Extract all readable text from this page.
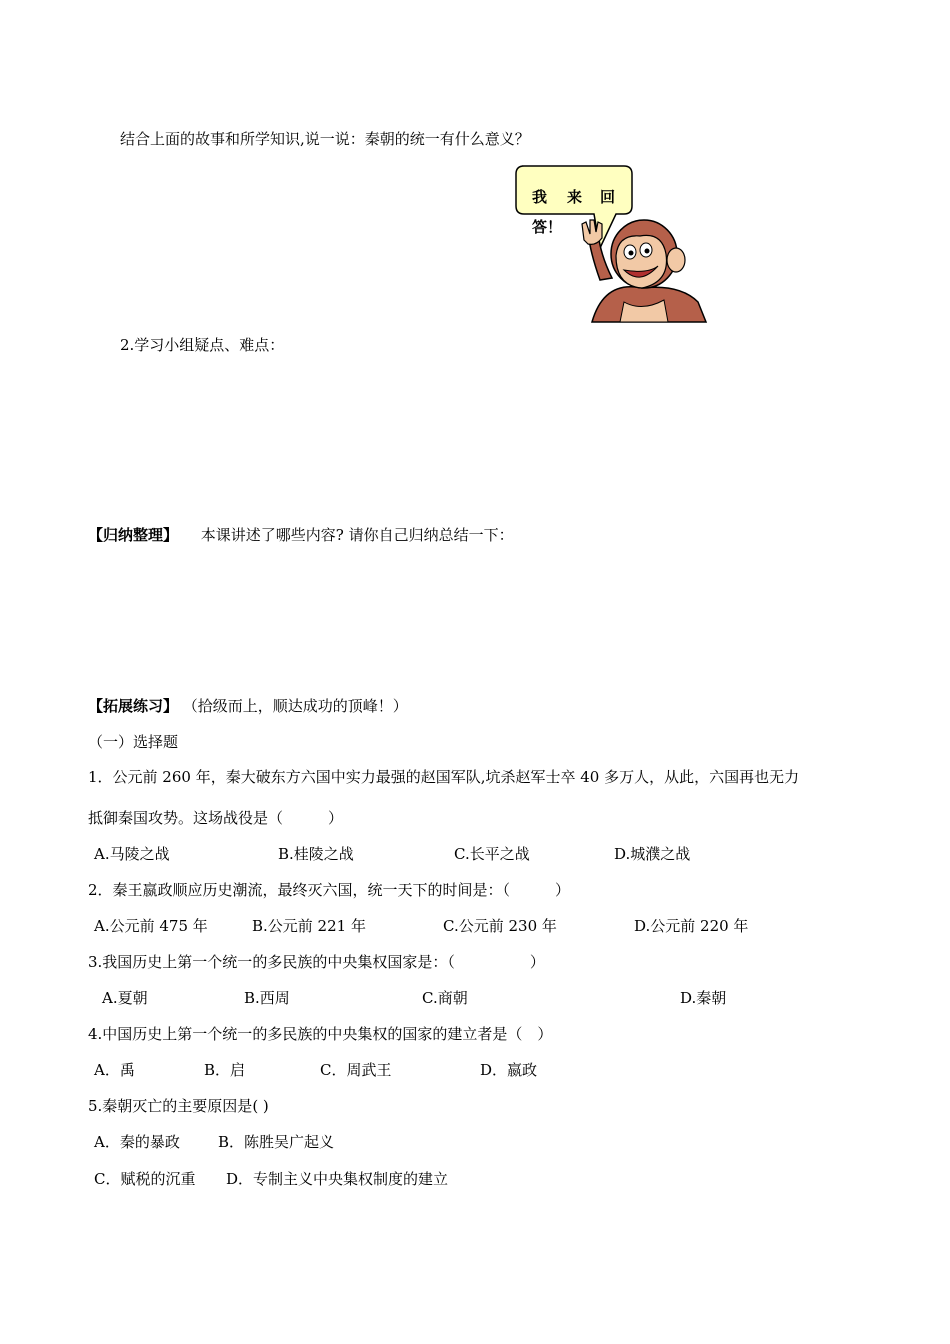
结合上面的故事和所学知识,说一说：秦朝的统一有什么意义？
我 来 回
答！
2.学习小组疑点、难点：
【归纳整理】 本课讲述了哪些内容? 请你自己归纳总结一下：
【拓展练习】 （拾级而上，顺达成功的顶峰！）
（一）选择题
1．公元前 260 年，秦大破东方六国中实力最强的赵国军队,坑杀赵军士卒 40 多万人，从此，六国再也无力
抵御秦国攻势。这场战役是（　　　）
A.马陵之战	B.桂陵之战	C.长平之战	D.城濮之战
2．秦王嬴政顺应历史潮流，最终灭六国，统一天下的时间是：（　　　）
A.公元前 475 年	B.公元前 221 年	C.公元前 230 年	D.公元前 220 年
3.我国历史上第一个统一的多民族的中央集权国家是：（　　　　　）
A.夏朝	B.西周	C.商朝	D.秦朝
4.中国历史上第一个统一的多民族的中央集权的国家的建立者是（　）
A．禹	B．启	C．周武王	D．嬴政
5.秦朝灭亡的主要原因是( )
A．秦的暴政	B．陈胜吴广起义
C．赋税的沉重 D．专制主义中央集权制度的建立
